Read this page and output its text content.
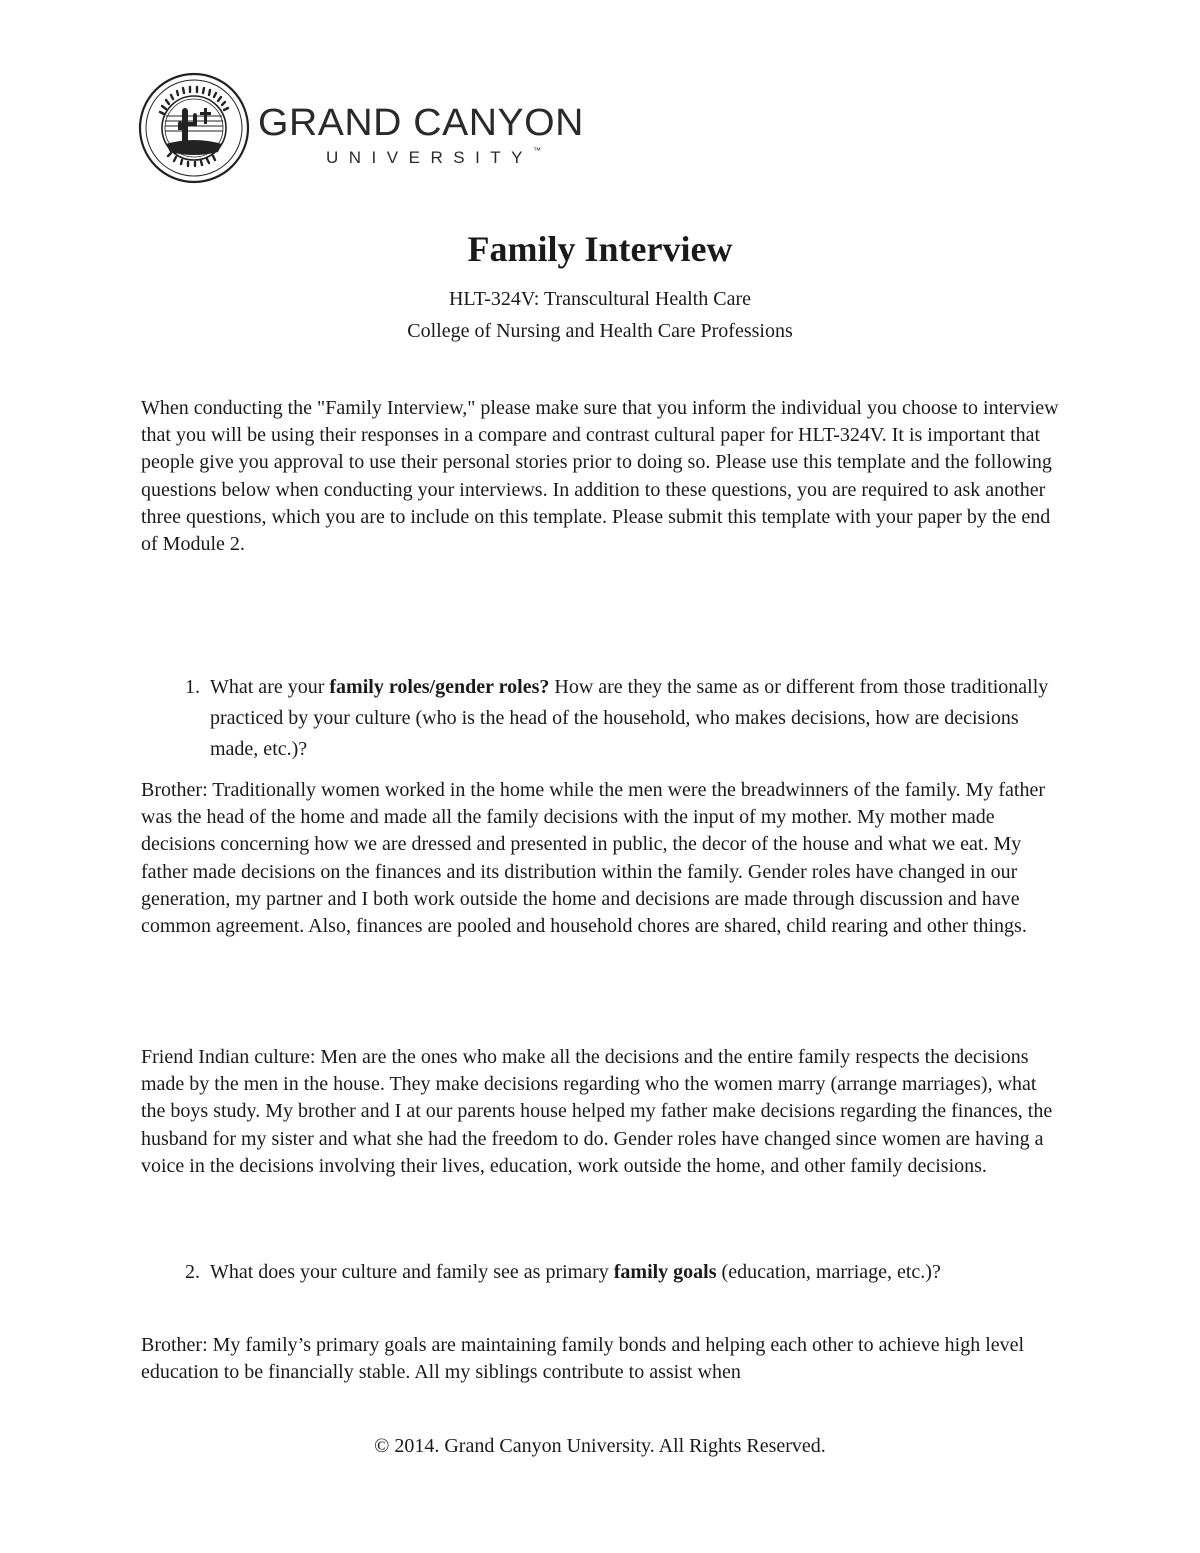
GRAND CANYON
UNIVERSITY™
Family Interview
HLT-324V: Transcultural Health Care
College of Nursing and Health Care Professions

When conducting the "Family Interview," please make sure that you inform the individual you choose to interview that you will be using their responses in a compare and contrast cultural paper for HLT-324V. It is important that people give you approval to use their personal stories prior to doing so. Please use this template and the following questions below when conducting your interviews. In addition to these questions, you are required to ask another three questions, which you are to include on this template. Please submit this template with your paper by the end of Module 2.

1. What are your family roles/gender roles? How are they the same as or different from those traditionally practiced by your culture (who is the head of the household, who makes decisions, how are decisions made, etc.)?

Brother: Traditionally women worked in the home while the men were the breadwinners of the family. My father was the head of the home and made all the family decisions with the input of my mother. My mother made decisions concerning how we are dressed and presented in public, the decor of the house and what we eat. My father made decisions on the finances and its distribution within the family. Gender roles have changed in our generation, my partner and I both work outside the home and decisions are made through discussion and have common agreement. Also, finances are pooled and household chores are shared, child rearing and other things.

Friend Indian culture: Men are the ones who make all the decisions and the entire family respects the decisions made by the men in the house. They make decisions regarding who the women marry (arrange marriages), what the boys study. My brother and I at our parents house helped my father make decisions regarding the finances, the husband for my sister and what she had the freedom to do. Gender roles have changed since women are having a voice in the decisions involving their lives, education, work outside the home, and other family decisions.

2. What does your culture and family see as primary family goals (education, marriage, etc.)?

Brother: My family’s primary goals are maintaining family bonds and helping each other to achieve high level education to be financially stable. All my siblings contribute to assist when

© 2014. Grand Canyon University. All Rights Reserved.
